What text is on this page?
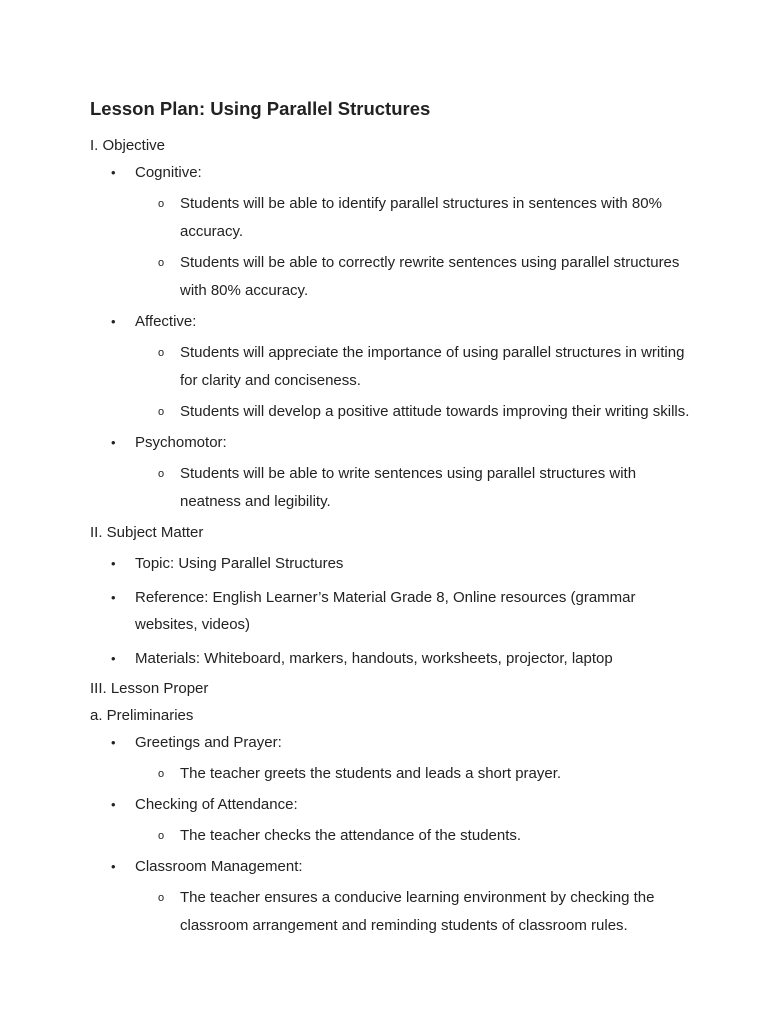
Lesson Plan: Using Parallel Structures
I. Objective
• Cognitive:
o Students will be able to identify parallel structures in sentences with 80% accuracy.
o Students will be able to correctly rewrite sentences using parallel structures with 80% accuracy.
• Affective:
o Students will appreciate the importance of using parallel structures in writing for clarity and conciseness.
o Students will develop a positive attitude towards improving their writing skills.
• Psychomotor:
o Students will be able to write sentences using parallel structures with neatness and legibility.
II. Subject Matter
• Topic: Using Parallel Structures
• Reference: English Learner’s Material Grade 8, Online resources (grammar websites, videos)
• Materials: Whiteboard, markers, handouts, worksheets, projector, laptop
III. Lesson Proper
a. Preliminaries
• Greetings and Prayer:
o The teacher greets the students and leads a short prayer.
• Checking of Attendance:
o The teacher checks the attendance of the students.
• Classroom Management:
o The teacher ensures a conducive learning environment by checking the classroom arrangement and reminding students of classroom rules.
